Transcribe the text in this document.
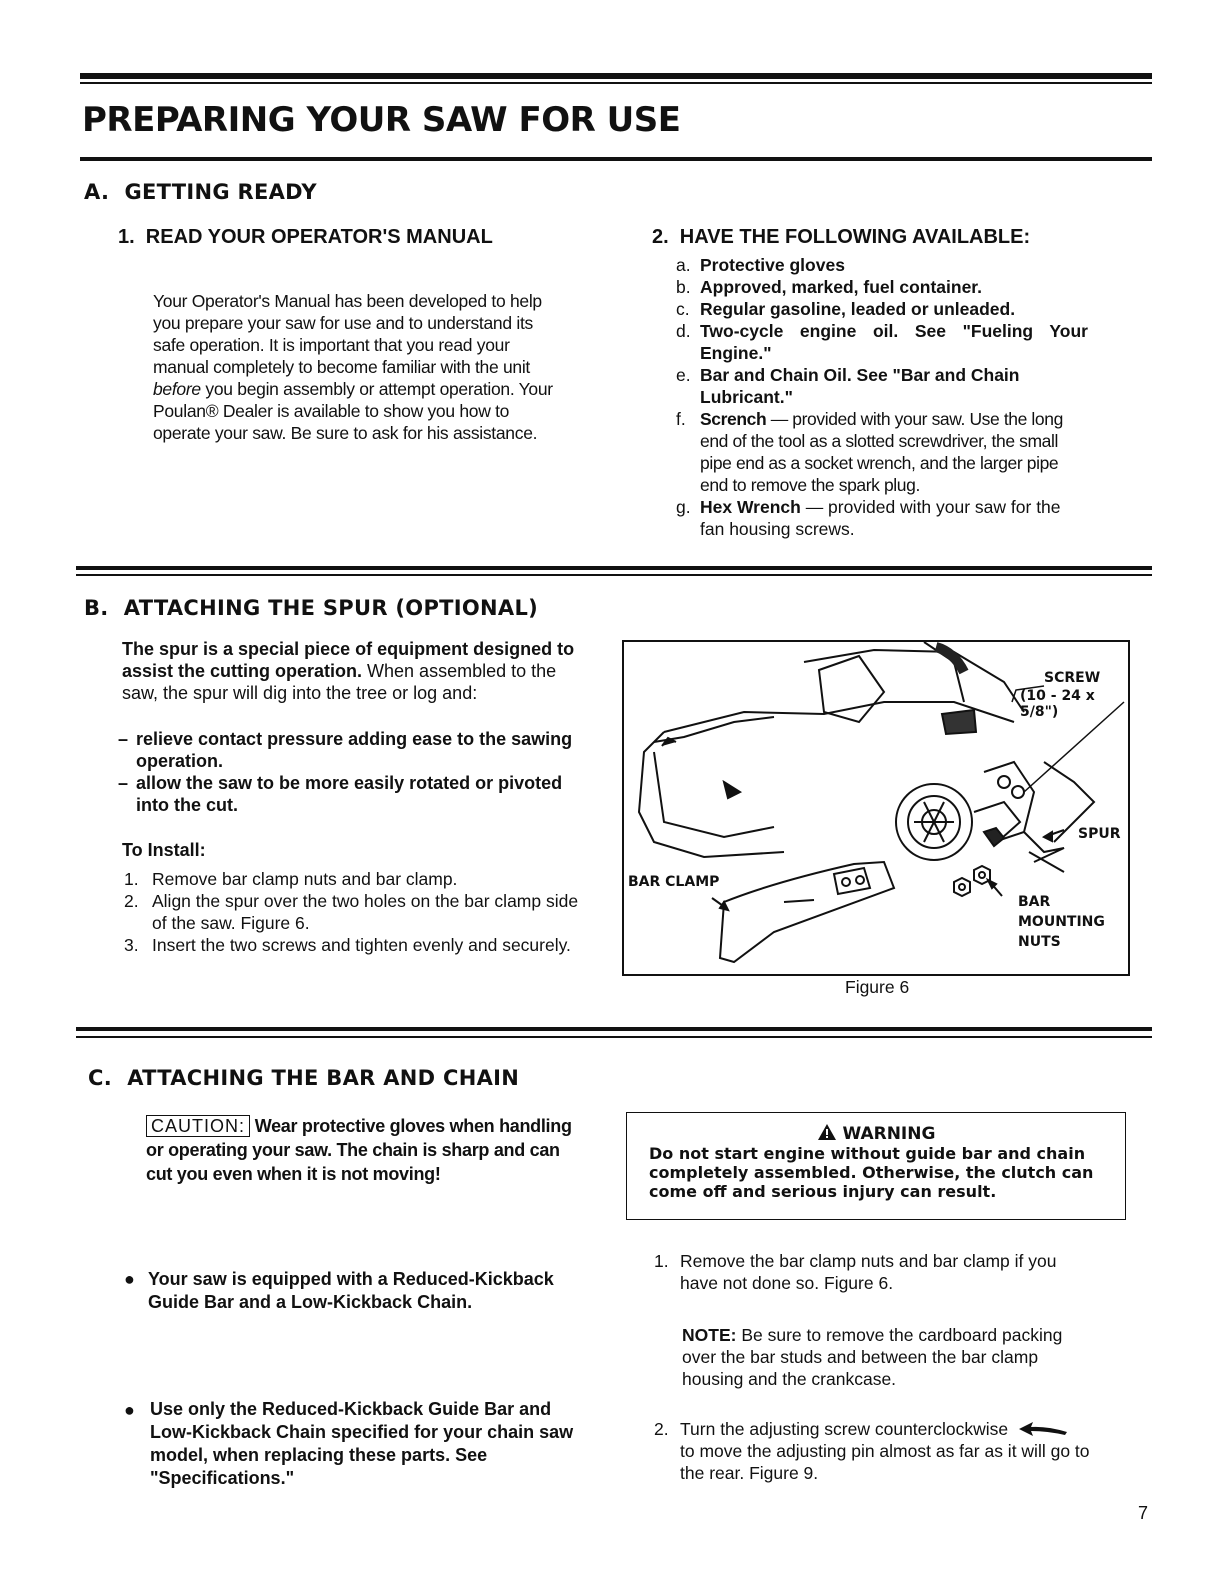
PREPARING YOUR SAW FOR USE
A.  GETTING READY
1.  READ YOUR OPERATOR'S MANUAL
Your Operator's Manual has been developed to help
you prepare your saw for use and to understand its
safe operation. It is important that you read your
manual completely to become familiar with the unit
before you begin assembly or attempt operation. Your
Poulan® Dealer is available to show you how to
operate your saw. Be sure to ask for his assistance.
2.  HAVE THE FOLLOWING AVAILABLE:
a. Protective gloves
b. Approved, marked, fuel container.
c. Regular gasoline, leaded or unleaded.
d. Two-cycle engine oil. See "Fueling Your Engine."
e. Bar and Chain Oil. See "Bar and Chain Lubricant."
f. Scrench — provided with your saw. Use the long end of the tool as a slotted screwdriver, the small pipe end as a socket wrench, and the larger pipe end to remove the spark plug.
g. Hex Wrench — provided with your saw for the fan housing screws.
B.  ATTACHING THE SPUR (OPTIONAL)
The spur is a special piece of equipment designed to assist the cutting operation. When assembled to the saw, the spur will dig into the tree or log and:
– relieve contact pressure adding ease to the sawing operation.
– allow the saw to be more easily rotated or pivoted into the cut.
To Install:
1. Remove bar clamp nuts and bar clamp.
2. Align the spur over the two holes on the bar clamp side of the saw. Figure 6.
3. Insert the two screws and tighten evenly and securely.
SCREW
(10 - 24 x 5/8")
SPUR
BAR CLAMP
BAR
MOUNTING
NUTS
Figure 6
C.  ATTACHING THE BAR AND CHAIN
CAUTION: Wear protective gloves when handling or operating your saw. The chain is sharp and can cut you even when it is not moving!
WARNING
Do not start engine without guide bar and chain completely assembled. Otherwise, the clutch can come off and serious injury can result.
● Your saw is equipped with a Reduced-Kickback Guide Bar and a Low-Kickback Chain.
● Use only the Reduced-Kickback Guide Bar and Low-Kickback Chain specified for your chain saw model, when replacing these parts. See "Specifications."
1. Remove the bar clamp nuts and bar clamp if you have not done so. Figure 6.
NOTE: Be sure to remove the cardboard packing over the bar studs and between the bar clamp housing and the crankcase.
2. Turn the adjusting screw counterclockwise
to move the adjusting pin almost as far as it will go to the rear. Figure 9.
7
